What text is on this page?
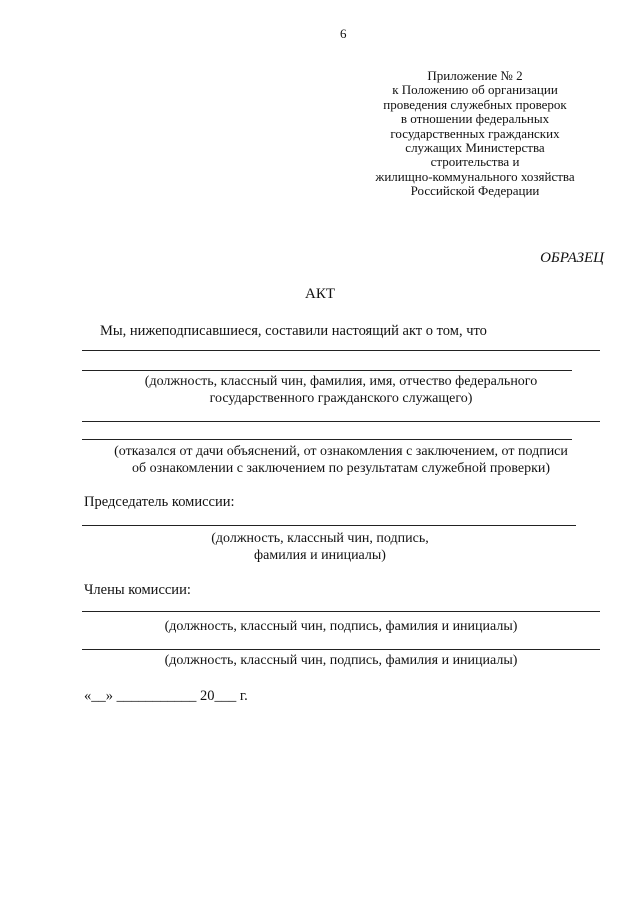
6
Приложение № 2
к Положению об организации
проведения служебных проверок
в отношении федеральных
государственных гражданских
служащих Министерства
строительства и
жилищно-коммунального хозяйства
Российской Федерации
ОБРАЗЕЦ
АКТ
Мы, нижеподписавшиеся, составили настоящий акт о том, что
(должность, классный чин, фамилия, имя, отчество федерального
государственного гражданского служащего)
(отказался от дачи объяснений, от ознакомления с заключением, от подписи
об ознакомлении с заключением по результатам служебной проверки)
Председатель комиссии:
(должность, классный чин, подпись,
фамилия и инициалы)
Члены комиссии:
(должность, классный чин, подпись, фамилия и инициалы)
(должность, классный чин, подпись, фамилия и инициалы)
«__» ___________ 20___ г.
